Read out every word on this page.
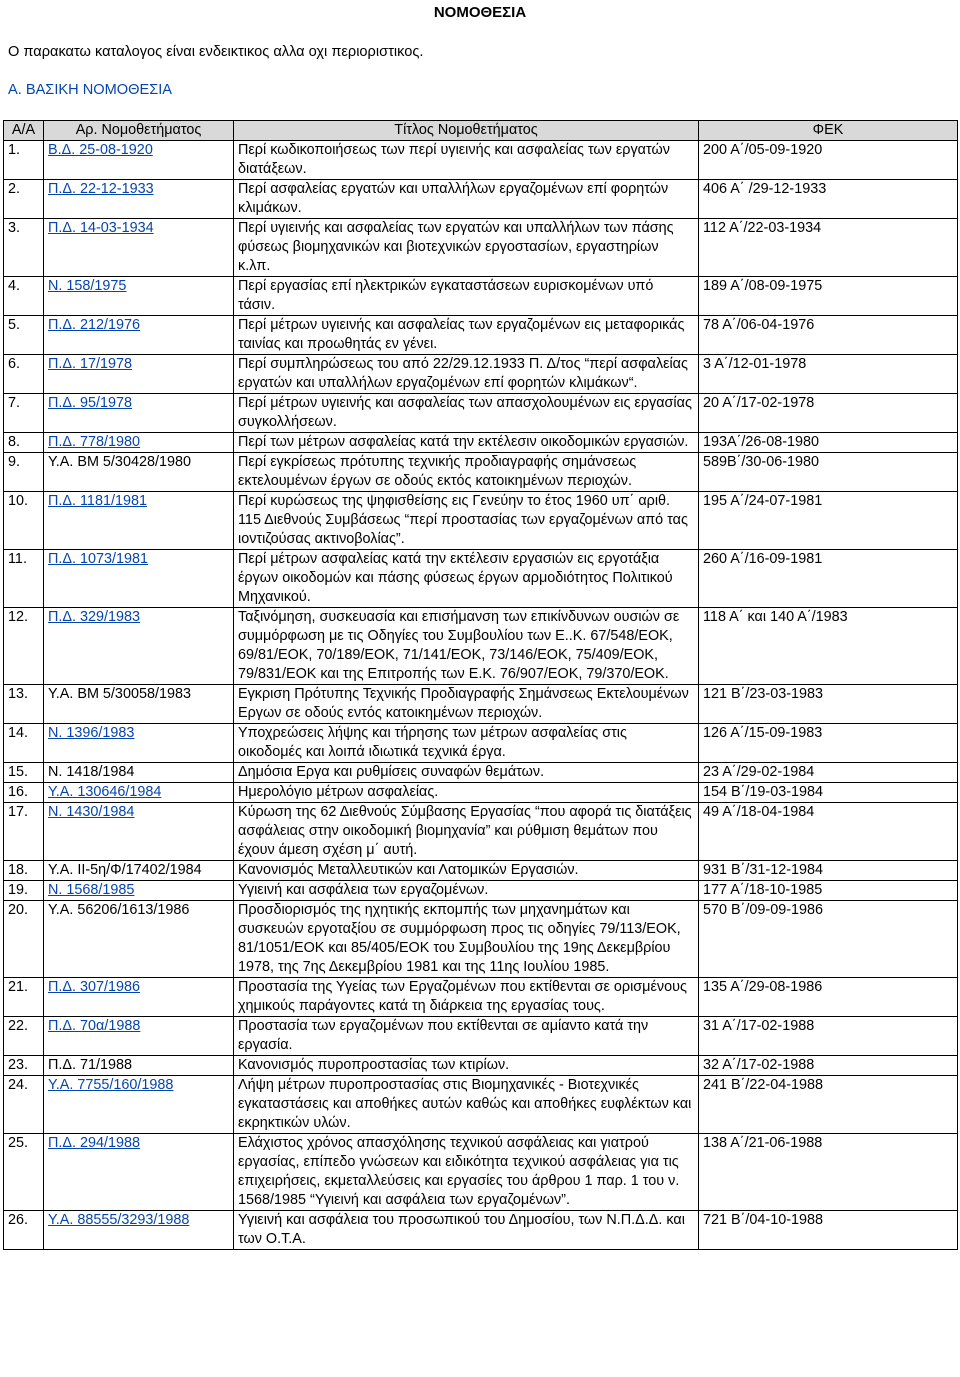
ΝΟΜΟΘΕΣΙΑ
Ο παρακατω καταλογος είναι ενδεικτικος αλλα οχι περιοριστικος.
Α. ΒΑΣΙΚΗ ΝΟΜΟΘΕΣΙΑ
Α/Α	Αρ. Νομοθετήματος	Τίτλος Νομοθετήματος	ΦΕΚ
1.	Β.Δ. 25-08-1920	Περί κωδικοποιήσεως των περί υγιεινής και ασφαλείας των εργατών διατάξεων.	200 Α΄/05-09-1920
2.	Π.Δ. 22-12-1933	Περί ασφαλείας εργατών και υπαλλήλων εργαζομένων επί φορητών κλιμάκων.	406 Α΄ /29-12-1933
3.	Π.Δ. 14-03-1934	Περί υγιεινής και ασφαλείας των εργατών και υπαλλήλων των πάσης φύσεως βιομηχανικών και βιοτεχνικών εργοστασίων, εργαστηρίων κ.λπ.	112 Α΄/22-03-1934
4.	Ν. 158/1975	Περί εργασίας επί ηλεκτρικών εγκαταστάσεων ευρισκομένων υπό τάσιν.	189 Α΄/08-09-1975
5.	Π.Δ. 212/1976	Περί μέτρων υγιεινής και ασφαλείας των εργαζομένων εις μεταφορικάς ταινίας και προωθητάς εν γένει.	78 Α΄/06-04-1976
6.	Π.Δ. 17/1978	Περί συμπληρώσεως του από 22/29.12.1933 Π. Δ/τος “περί ασφαλείας εργατών και υπαλλήλων εργαζομένων επί φορητών κλιμάκων“.	3 Α΄/12-01-1978
7.	Π.Δ. 95/1978	Περί μέτρων υγιεινής και ασφαλείας των απασχολουμένων εις εργασίας συγκολλήσεων.	20 Α΄/17-02-1978
8.	Π.Δ. 778/1980	Περί των μέτρων ασφαλείας κατά την εκτέλεσιν οικοδομικών εργασιών.	193Α΄/26-08-1980
9.	Υ.Α. ΒΜ 5/30428/1980	Περί εγκρίσεως πρότυπης τεχνικής προδιαγραφής σημάνσεως εκτελουμένων έργων σε οδούς εκτός κατοικημένων περιοχών.	589Β΄/30-06-1980
10.	Π.Δ. 1181/1981	Περί κυρώσεως της ψηφισθείσης εις Γενεύην το έτος 1960 υπ΄ αριθ. 115 Διεθνούς Συμβάσεως “περί προστασίας των εργαζομένων από τας ιοντιζούσας ακτινοβολίας”.	195 Α΄/24-07-1981
11.	Π.Δ. 1073/1981	Περί μέτρων ασφαλείας κατά την εκτέλεσιν εργασιών εις εργοτάξια έργων οικοδομών και πάσης φύσεως έργων αρμοδιότητος Πολιτικού Μηχανικού.	260 Α΄/16-09-1981
12.	Π.Δ. 329/1983	Ταξινόμηση, συσκευασία και επισήμανση των επικίνδυνων ουσιών σε συμμόρφωση με τις Οδηγίες του Συμβουλίου των Ε..Κ. 67/548/ΕΟΚ, 69/81/ΕΟΚ, 70/189/ΕΟΚ, 71/141/ΕΟΚ, 73/146/ΕΟΚ, 75/409/ΕΟΚ, 79/831/ΕΟΚ και της Επιτροπής των Ε.Κ. 76/907/ΕΟΚ, 79/370/ΕΟΚ.	118 Α΄ και 140 Α΄/1983
13.	Υ.Α. ΒΜ 5/30058/1983	Εγκριση Πρότυπης Τεχνικής Προδιαγραφής Σημάνσεως Εκτελουμένων Εργων σε οδούς εντός κατοικημένων περιοχών.	121 Β΄/23-03-1983
14.	Ν. 1396/1983	Υποχρεώσεις λήψης και τήρησης των μέτρων ασφαλείας στις οικοδομές και λοιπά ιδιωτικά τεχνικά έργα.	126 Α΄/15-09-1983
15.	Ν. 1418/1984	Δημόσια Εργα και ρυθμίσεις συναφών θεμάτων.	23 Α΄/29-02-1984
16.	Υ.Α. 130646/1984	Ημερολόγιο μέτρων ασφαλείας.	154 Β΄/19-03-1984
17.	Ν. 1430/1984	Κύρωση της 62 Διεθνούς Σύμβασης Εργασίας “που αφορά τις διατάξεις ασφάλειας στην οικοδομική βιομηχανία” και ρύθμιση θεμάτων που έχουν άμεση σχέση μ΄ αυτή.	49 Α΄/18-04-1984
18.	Υ.Α. ΙΙ-5η/Φ/17402/1984	Κανονισμός Μεταλλευτικών και Λατομικών Εργασιών.	931 Β΄/31-12-1984
19.	Ν. 1568/1985	Υγιεινή και ασφάλεια των εργαζομένων.	177 Α΄/18-10-1985
20.	Υ.Α. 56206/1613/1986	Προσδιορισμός της ηχητικής εκπομπής των μηχανημάτων και συσκευών εργοταξίου σε συμμόρφωση προς τις οδηγίες 79/113/ΕΟΚ, 81/1051/ΕΟΚ και 85/405/ΕΟΚ του Συμβουλίου της 19ης Δεκεμβρίου 1978, της 7ης Δεκεμβρίου 1981 και της 11ης Ιουλίου 1985.	570 Β΄/09-09-1986
21.	Π.Δ. 307/1986	Προστασία της Υγείας των Εργαζομένων που εκτίθενται σε ορισμένους χημικούς παράγοντες κατά τη διάρκεια της εργασίας τους.	135 Α΄/29-08-1986
22.	Π.Δ. 70α/1988	Προστασία των εργαζομένων που εκτίθενται σε αμίαντο κατά την εργασία.	31 Α΄/17-02-1988
23.	Π.Δ. 71/1988	Κανονισμός πυροπροστασίας των κτιρίων.	32 Α΄/17-02-1988
24.	Υ.Α. 7755/160/1988	Λήψη μέτρων πυροπροστασίας στις Βιομηχανικές - Βιοτεχνικές εγκαταστάσεις και αποθήκες αυτών καθώς και αποθήκες ευφλέκτων και εκρηκτικών υλών.	241 Β΄/22-04-1988
25.	Π.Δ. 294/1988	Ελάχιστος χρόνος απασχόλησης τεχνικού ασφάλειας και γιατρού εργασίας, επίπεδο γνώσεων και ειδικότητα τεχνικού ασφάλειας για τις επιχειρήσεις, εκμεταλλεύσεις και εργασίες του άρθρου 1 παρ. 1 του ν. 1568/1985 “Υγιεινή και ασφάλεια των εργαζομένων”.	138 Α΄/21-06-1988
26.	Υ.Α. 88555/3293/1988	Υγιεινή και ασφάλεια του προσωπικού του Δημοσίου, των Ν.Π.Δ.Δ. και των Ο.Τ.Α.	721 Β΄/04-10-1988
